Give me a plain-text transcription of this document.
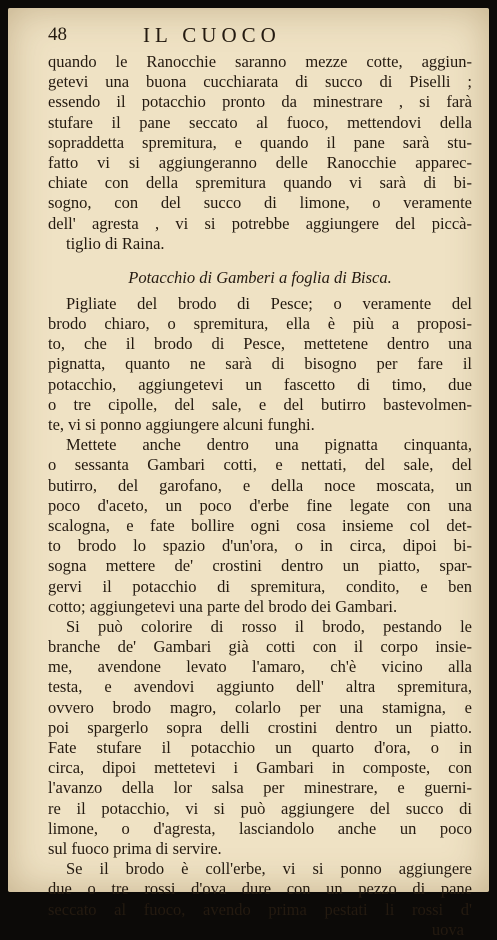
48	IL CUOCO

quando le Ranocchie saranno mezze cotte, aggiun-
getevi una buona cucchiarata di succo di Piselli ;
essendo il potacchio pronto da minestrare , si farà
stufare il pane seccato al fuoco, mettendovi della
sopraddetta spremitura, e quando il pane sarà stu-
fatto vi si aggiungeranno delle Ranocchie apparec-
chiate con della spremitura quando vi sarà di bi-
sogno, con del succo di limone, o veramente
dell' agresta , vi si potrebbe aggiungere del piccà-
tiglio di Raina.

Potacchio di Gamberi a foglia di Bisca.

Pigliate del brodo di Pesce; o veramente del
brodo chiaro, o spremitura, ella è più a proposi-
to, che il brodo di Pesce, mettetene dentro una
pignatta, quanto ne sarà di bisogno per fare il
potacchio, aggiungetevi un fascetto di timo, due
o tre cipolle, del sale, e del butirro bastevolmen-
te, vi si ponno aggiungere alcuni funghi.

Mettete anche dentro una pignatta cinquanta,
o sessanta Gambari cotti, e nettati, del sale, del
butirro, del garofano, e della noce moscata, un
poco d'aceto, un poco d'erbe fine legate con una
scalogna, e fate bollire ogni cosa insieme col det-
to brodo lo spazio d'un'ora, o in circa, dipoi bi-
sogna mettere de' crostini dentro un piatto, spar-
gervi il potacchio di spremitura, condito, e ben
cotto; aggiungetevi una parte del brodo dei Gambari.

Si può colorire di rosso il brodo, pestando le
branche de' Gambari già cotti con il corpo insie-
me, avendone levato l'amaro, ch'è vicino alla
testa, e avendovi aggiunto dell' altra spremitura,
ovvero brodo magro, colarlo per una stamigna, e
poi spargerlo sopra delli crostini dentro un piatto.
Fate stufare il potacchio un quarto d'ora, o in
circa, dipoi mettetevi i Gambari in composte, con
l'avanzo della lor salsa per minestrare, e guerni-
re il potacchio, vi si può aggiungere del succo di
limone, o d'agresta, lasciandolo anche un poco
sul fuoco prima di servire.

Se il brodo è coll'erbe, vi si ponno aggiungere
due o tre rossi d'ova dure con un pezzo di pane
seccato al fuoco, avendo prima pestati li rossi d'

uova
